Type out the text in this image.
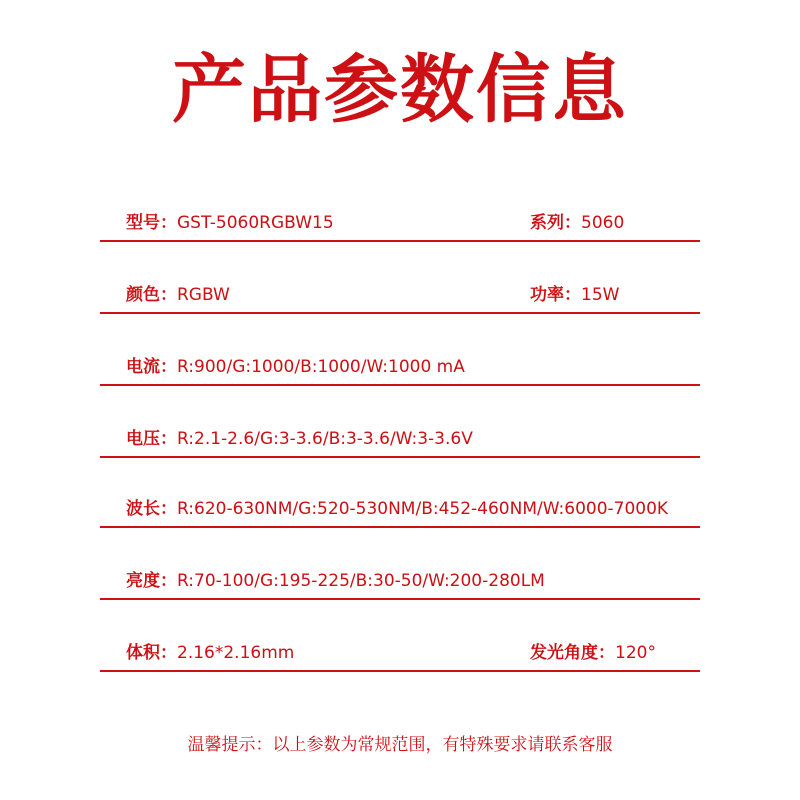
产品参数信息
型号：GST-5060RGBW15	系列：5060
颜色：RGBW	功率：15W
电流：R:900/G:1000/B:1000/W:1000 mA
电压：R:2.1-2.6/G:3-3.6/B:3-3.6/W:3-3.6V
波长：R:620-630NM/G:520-530NM/B:452-460NM/W:6000-7000K
亮度：R:70-100/G:195-225/B:30-50/W:200-280LM
体积：2.16*2.16mm	发光角度：120°
温馨提示：以上参数为常规范围，有特殊要求请联系客服
